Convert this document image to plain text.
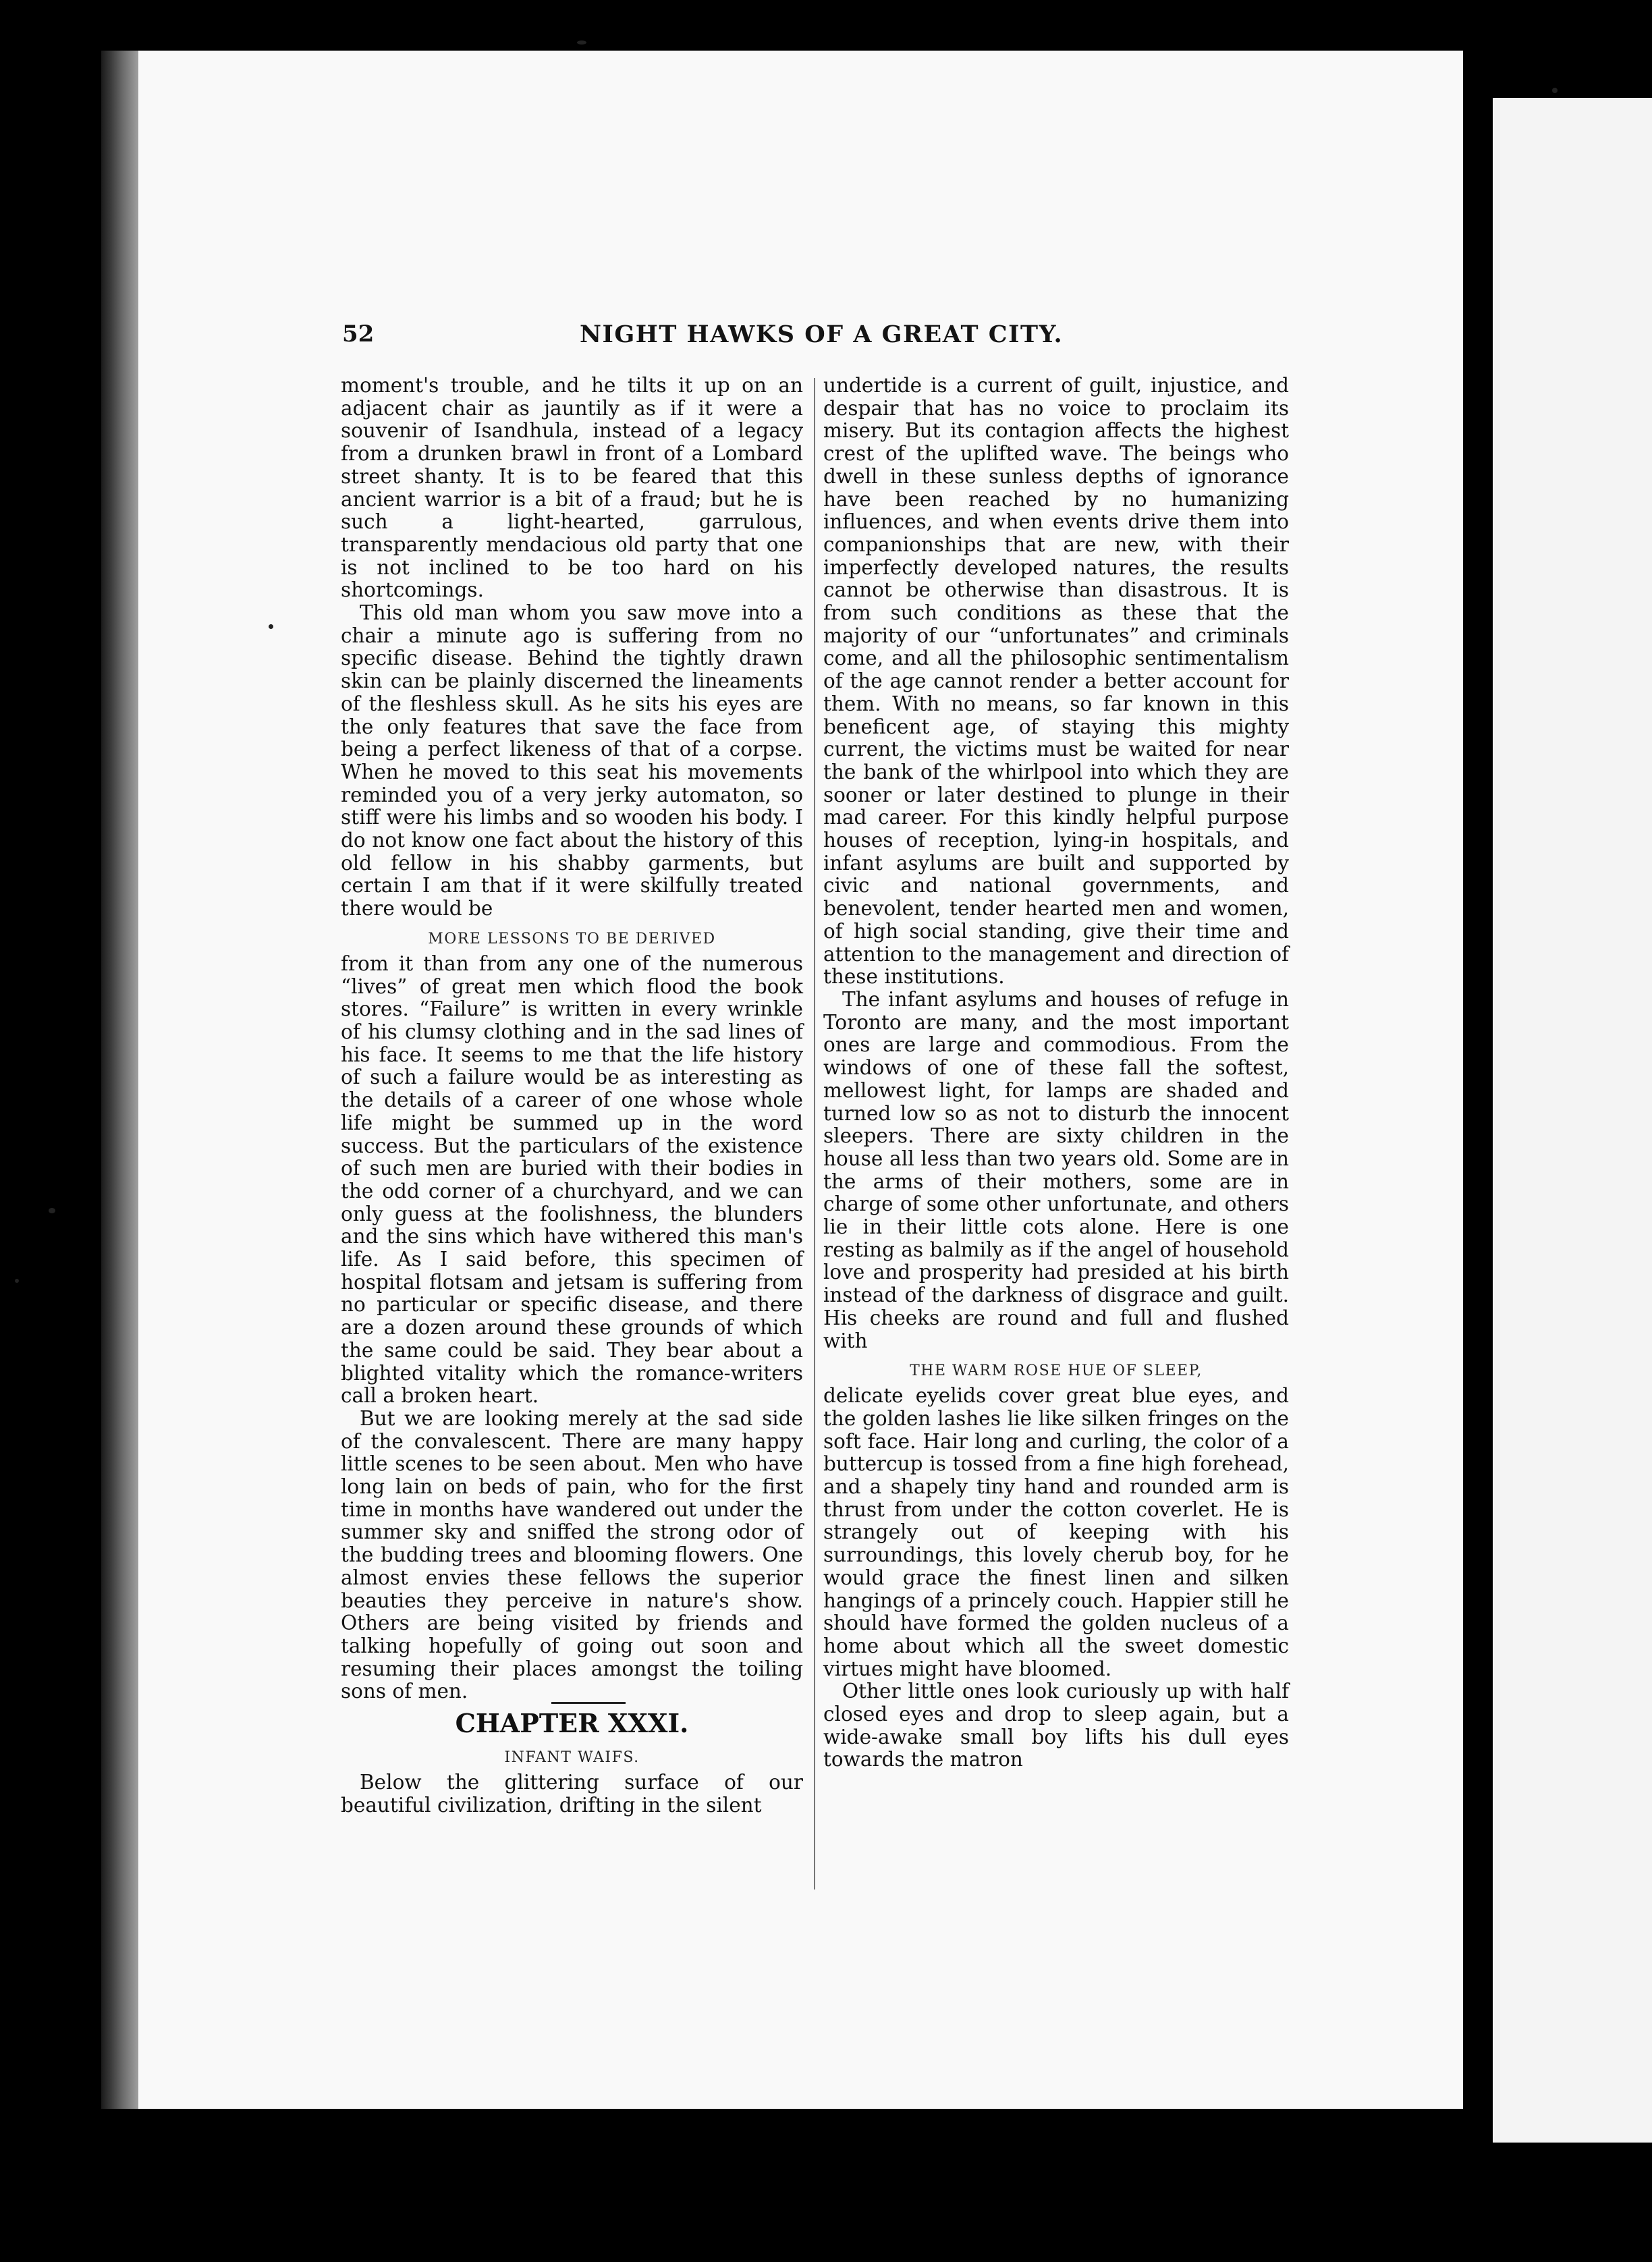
52	NIGHT HAWKS OF A GREAT CITY.

moment's trouble, and he tilts it up on an adjacent chair as jauntily as if it were a souvenir of Isandhula, instead of a legacy from a drunken brawl in front of a Lombard street shanty. It is to be feared that this ancient warrior is a bit of a fraud; but he is such a light-hearted, garrulous, transparently mendacious old party that one is not inclined to be too hard on his shortcomings.

This old man whom you saw move into a chair a minute ago is suffering from no specific disease. Behind the tightly drawn skin can be plainly discerned the lineaments of the fleshless skull. As he sits his eyes are the only features that save the face from being a perfect likeness of that of a corpse. When he moved to this seat his movements reminded you of a very jerky automaton, so stiff were his limbs and so wooden his body. I do not know one fact about the history of this old fellow in his shabby garments, but certain I am that if it were skilfully treated there would be

MORE LESSONS TO BE DERIVED

from it than from any one of the numerous “lives” of great men which flood the book stores. “Failure” is written in every wrinkle of his clumsy clothing and in the sad lines of his face. It seems to me that the life history of such a failure would be as interesting as the details of a career of one whose whole life might be summed up in the word success. But the particulars of the existence of such men are buried with their bodies in the odd corner of a churchyard, and we can only guess at the foolishness, the blunders and the sins which have withered this man's life. As I said before, this specimen of hospital flotsam and jetsam is suffering from no particular or specific disease, and there are a dozen around these grounds of which the same could be said. They bear about a blighted vitality which the romance-writers call a broken heart.

But we are looking merely at the sad side of the convalescent. There are many happy little scenes to be seen about. Men who have long lain on beds of pain, who for the first time in months have wandered out under the summer sky and sniffed the strong odor of the budding trees and blooming flowers. One almost envies these fellows the superior beauties they perceive in nature's show. Others are being visited by friends and talking hopefully of going out soon and resuming their places amongst the toiling sons of men.

CHAPTER XXXI.
INFANT WAIFS.

Below the glittering surface of our beautiful civilization, drifting in the silent

undertide is a current of guilt, injustice, and despair that has no voice to proclaim its misery. But its contagion affects the highest crest of the uplifted wave. The beings who dwell in these sunless depths of ignorance have been reached by no humanizing influences, and when events drive them into companionships that are new, with their imperfectly developed natures, the results cannot be otherwise than disastrous. It is from such conditions as these that the majority of our “unfortunates” and criminals come, and all the philosophic sentimentalism of the age cannot render a better account for them. With no means, so far known in this beneficent age, of staying this mighty current, the victims must be waited for near the bank of the whirlpool into which they are sooner or later destined to plunge in their mad career. For this kindly helpful purpose houses of reception, lying-in hospitals, and infant asylums are built and supported by civic and national governments, and benevolent, tender hearted men and women, of high social standing, give their time and attention to the management and direction of these institutions.

The infant asylums and houses of refuge in Toronto are many, and the most important ones are large and commodious. From the windows of one of these fall the softest, mellowest light, for lamps are shaded and turned low so as not to disturb the innocent sleepers. There are sixty children in the house all less than two years old. Some are in the arms of their mothers, some are in charge of some other unfortunate, and others lie in their little cots alone. Here is one resting as balmily as if the angel of household love and prosperity had presided at his birth instead of the darkness of disgrace and guilt. His cheeks are round and full and flushed with

THE WARM ROSE HUE OF SLEEP,

delicate eyelids cover great blue eyes, and the golden lashes lie like silken fringes on the soft face. Hair long and curling, the color of a buttercup is tossed from a fine high forehead, and a shapely tiny hand and rounded arm is thrust from under the cotton coverlet. He is strangely out of keeping with his surroundings, this lovely cherub boy, for he would grace the finest linen and silken hangings of a princely couch. Happier still he should have formed the golden nucleus of a home about which all the sweet domestic virtues might have bloomed.

Other little ones look curiously up with half closed eyes and drop to sleep again, but a wide-awake small boy lifts his dull eyes towards the matron
